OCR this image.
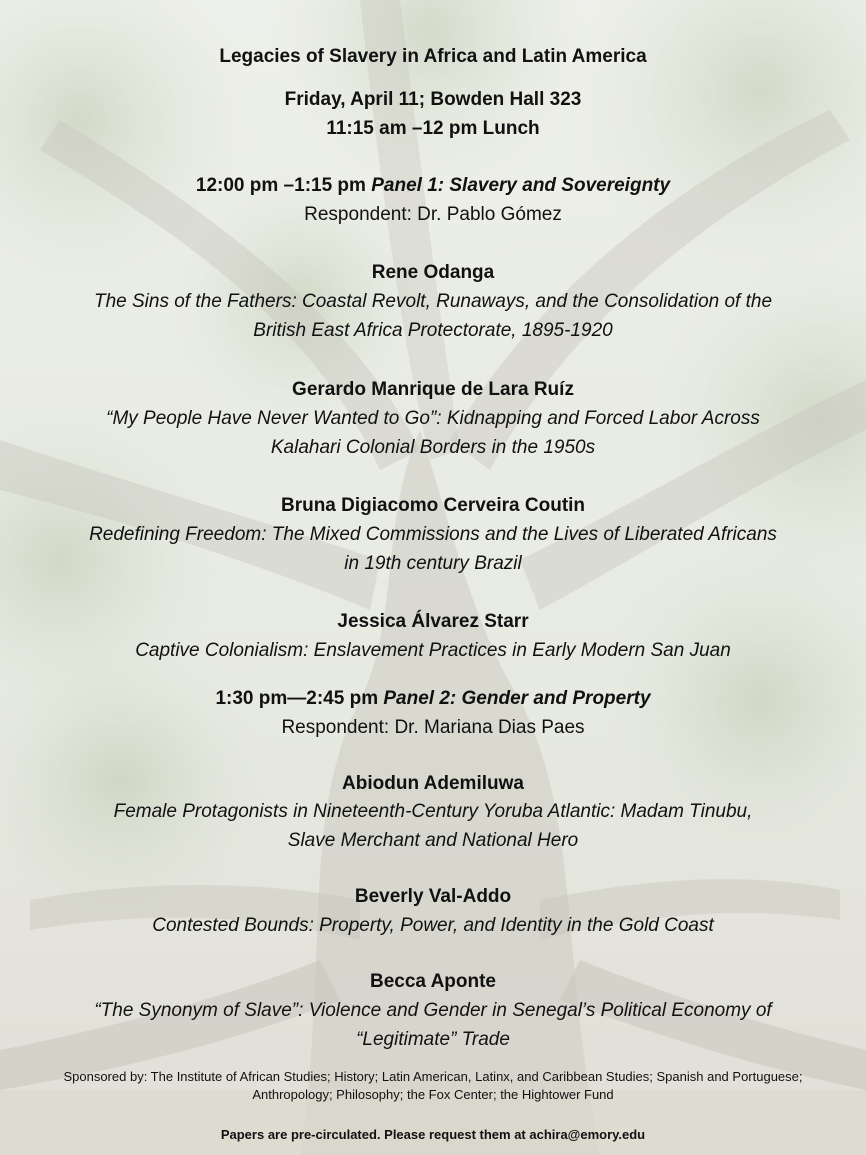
Legacies of Slavery in Africa and Latin America
Friday, April 11; Bowden Hall 323
11:15 am –12 pm Lunch
12:00 pm –1:15 pm Panel 1: Slavery and Sovereignty
Respondent: Dr. Pablo Gómez
Rene Odanga
The Sins of the Fathers: Coastal Revolt, Runaways, and the Consolidation of the
British East Africa Protectorate, 1895-1920
Gerardo Manrique de Lara Ruíz
“My People Have Never Wanted to Go”: Kidnapping and Forced Labor Across
Kalahari Colonial Borders in the 1950s
Bruna Digiacomo Cerveira Coutin
Redefining Freedom: The Mixed Commissions and the Lives of Liberated Africans
in 19th century Brazil
Jessica Álvarez Starr
Captive Colonialism: Enslavement Practices in Early Modern San Juan
1:30 pm—2:45 pm Panel 2: Gender and Property
Respondent: Dr. Mariana Dias Paes
Abiodun Ademiluwa
Female Protagonists in Nineteenth-Century Yoruba Atlantic: Madam Tinubu,
Slave Merchant and National Hero
Beverly Val-Addo
Contested Bounds: Property, Power, and Identity in the Gold Coast
Becca Aponte
“The Synonym of Slave”: Violence and Gender in Senegal’s Political Economy of
“Legitimate” Trade
Sponsored by: The Institute of African Studies; History; Latin American, Latinx, and Caribbean Studies; Spanish and Portuguese; Anthropology; Philosophy; the Fox Center; the Hightower Fund
Papers are pre-circulated. Please request them at achira@emory.edu
